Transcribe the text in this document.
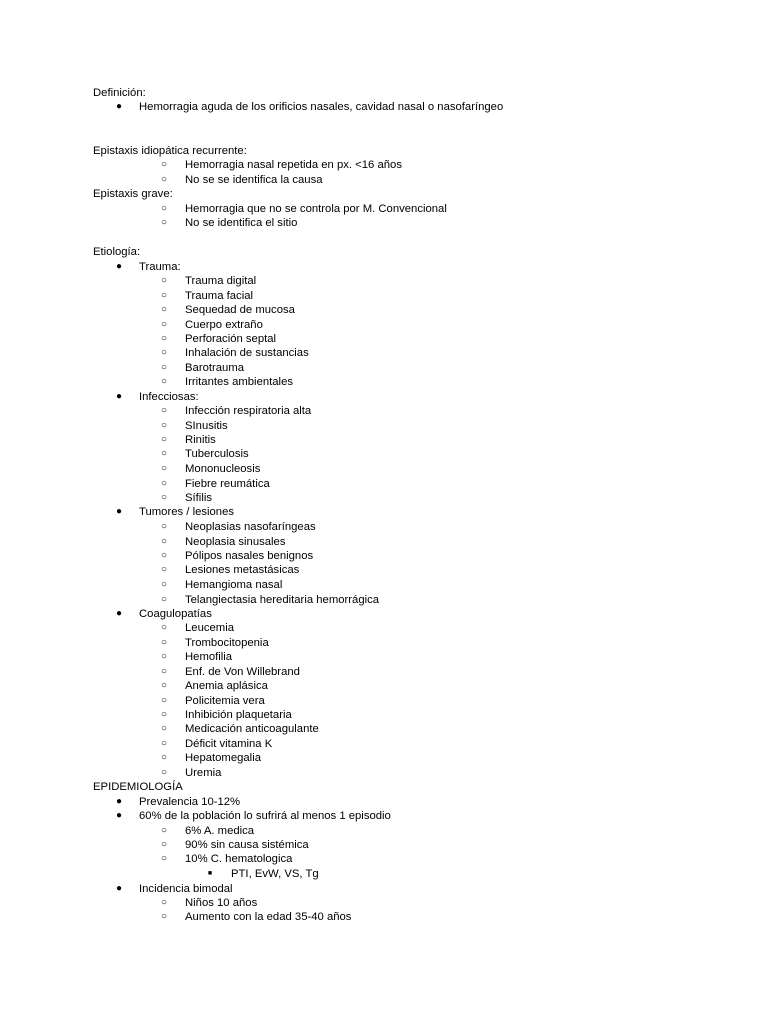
Definición:
●	Hemorragia aguda de los orificios nasales, cavidad nasal o nasofaríngeo
Epistaxis idiopática recurrente:
○	Hemorragia nasal repetida en px. <16 años
○	No se se identifica la causa
Epistaxis grave:
○	Hemorragia que no se controla por M. Convencional
○	No se identifica el sitio
Etiología:
●	Trauma:
○	Trauma digital
○	Trauma facial
○	Sequedad de mucosa
○	Cuerpo extraño
○	Perforación septal
○	Inhalación de sustancias
○	Barotrauma
○	Irritantes ambientales
●	Infecciosas:
○	Infección respiratoria alta
○	SInusitis
○	Rinitis
○	Tuberculosis
○	Mononucleosis
○	Fiebre reumática
○	Sífilis
●	Tumores / lesiones
○	Neoplasias nasofaríngeas
○	Neoplasia sinusales
○	Pólipos nasales benignos
○	Lesiones metastásicas
○	Hemangioma nasal
○	Telangiectasia hereditaria hemorrágica
●	Coagulopatías
○	Leucemia
○	Trombocitopenia
○	Hemofilia
○	Enf. de Von Willebrand
○	Anemia aplásica
○	Policitemia vera
○	Inhibición plaquetaria
○	Medicación anticoagulante
○	Déficit vitamina K
○	Hepatomegalia
○	Uremia
EPIDEMIOLOGÍA
●	Prevalencia 10-12%
●	60% de la población lo sufrirá al menos 1 episodio
○	6% A. medica
○	90% sin causa sistémica
○	10% C. hematologica
■	PTI, EvW, VS, Tg
●	Incidencia bimodal
○	Niños 10 años
○	Aumento con la edad 35-40 años
